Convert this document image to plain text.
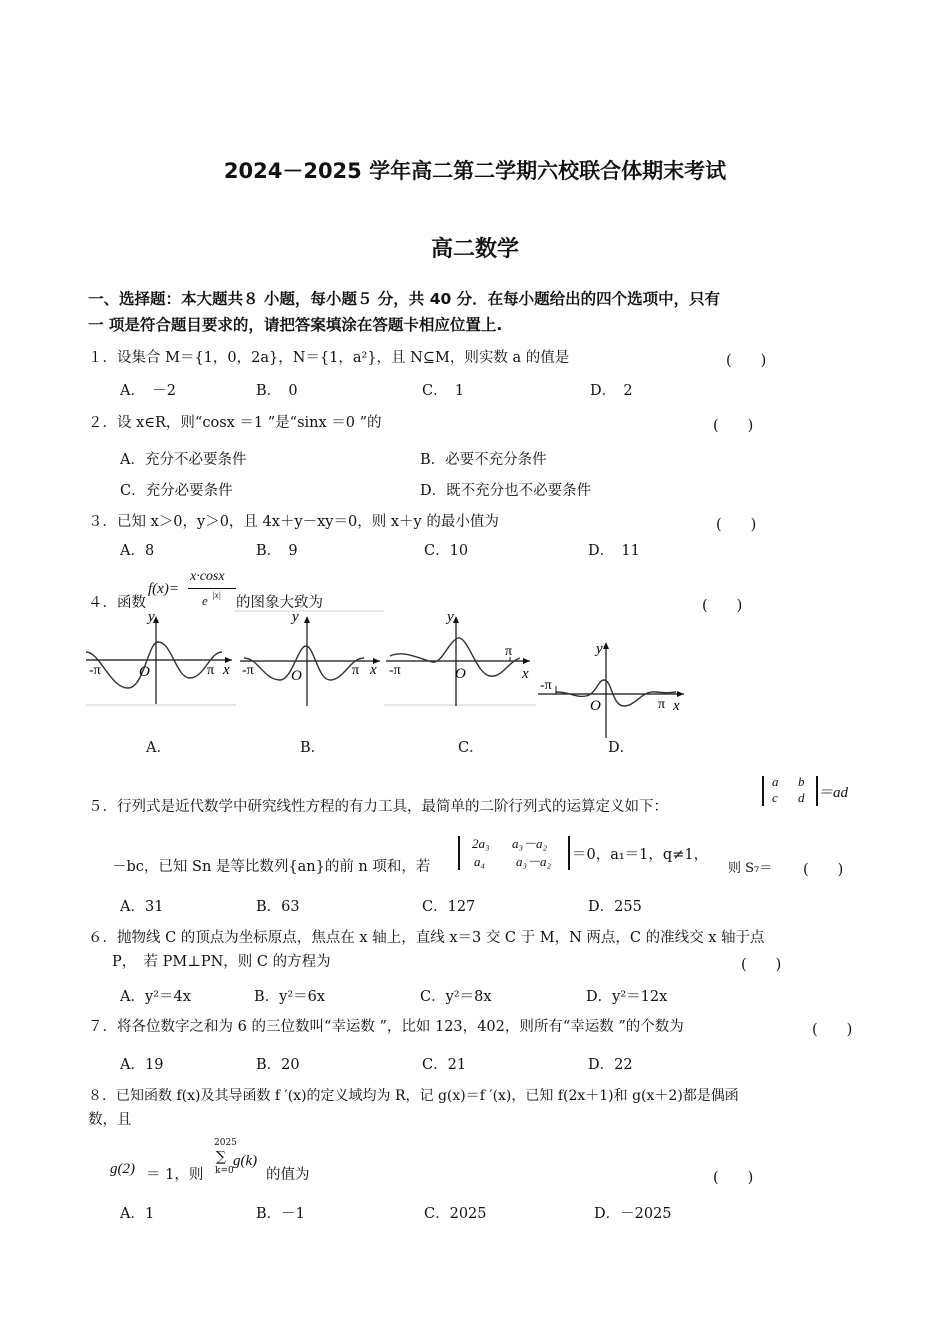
2024－2025 学年高二第二学期六校联合体期末考试
高二数学
一、选择题：本大题共８ 小题，每小题５ 分，共 40 分．在每小题给出的四个选项中，只有
一 项是符合题目要求的，请把答案填涂在答题卡相应位置上.
１．设集合 M＝{1，0，2a}，N＝{1，a²}，且 N⊆M，则实数 a 的值是	(　　)
A．　－2	B．　0	C．　1	D．　2
２．设 x∈R，则“cosx ＝1 ”是“sinx ＝0 ”的	(　　)
A．充分不必要条件	B．必要不充分条件
C．充分必要条件	D．既不充分也不必要条件
３．已知 x＞0，y＞0，且 4x＋y－xy＝0，则 x＋y 的最小值为	(　　)
A．8	B．　9	C．10	D．　11
４．函数
f(x)=
x·cosx
e |x| 的图象大致为	(　　)
y
-π	O	π x
y
-π O	π x
y
-π	O
π
x
y
-π
O	π x
A．	B．	C．	D．
５．行列式是近代数学中研究线性方程的有力工具，最简单的二阶行列式的运算定义如下：
a b
c d ＝ad
－bc，已知 Sn 是等比数列{an}的前 n 项和，若
2a₃ a₃－a₂
a₄ a₃－a₂ ＝0，a₁＝1，q≠1，
则 S₇＝ (　　)
A．31	B．63	C．127	D．255
６．抛物线 C 的顶点为坐标原点，焦点在 x 轴上，直线 x＝3 交 C 于 M，N 两点，C 的准线交 x 轴于点
P，　若 PM⊥PN，则 C 的方程为	(　　)
A．y²＝4x	B．y²＝6x	C．y²＝8x	D．y²＝12x
７．将各位数字之和为 6 的三位数叫“幸运数 ”，比如 123，402，则所有“幸运数 ”的个数为	(　　)
A．19	B．20	C．21	D．22
８．已知函数 f(x)及其导函数 f ′(x)的定义域均为 R，记 g(x)＝f ′(x)，已知 f(2x＋1)和 g(x＋2)都是偶函
数，且
g(2) ＝ 1，则
2025
∑
k=0
g(k)
的值为	(　　)
A．1	B．－1	C．2025	D．－2025
